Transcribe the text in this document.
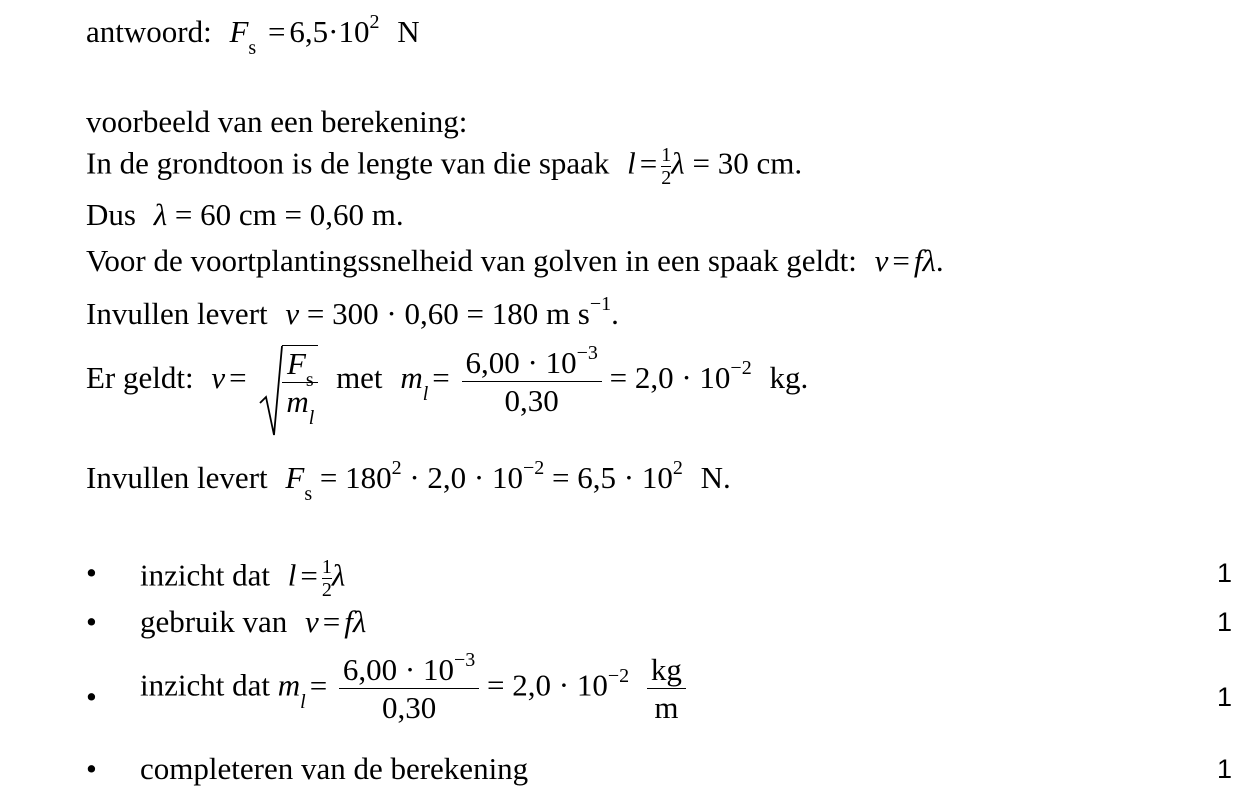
antwoord: $F_s = 6,5\cdot 10^2$ N
voorbeeld van een berekening:
In de grondtoon is de lengte van die spaak $l = \frac{1}{2}$ λ = 30 cm.
Dus λ = 60 cm = 0,60 m.
Voor de voortplantingssnelheid van golven in een spaak geldt: v = fλ.
Invullen levert v = 300 · 0,60 = 180 m $s^{-1}$.
Er geldt: $v = \frac{F_s}{m_l}$ met $m_l = \frac{6,00 \cdot 10^{-3}}{0,30} = 2,0 \cdot 10^{-2}$ kg.
Invullen levert $F_s = 180^2 \cdot 2,0 \cdot 10^{-2} = 6,5 \cdot 10^2$ N.
• inzicht dat $l = \frac{1}{2}$ λ	1
• gebruik van v = fλ	1
• inzicht dat $m_l = \frac{6,00 \cdot 10^{-3}}{0,30} = 2,0 \cdot 10^{-2} \frac{kg}{m}$	1
• completeren van de berekening	1
